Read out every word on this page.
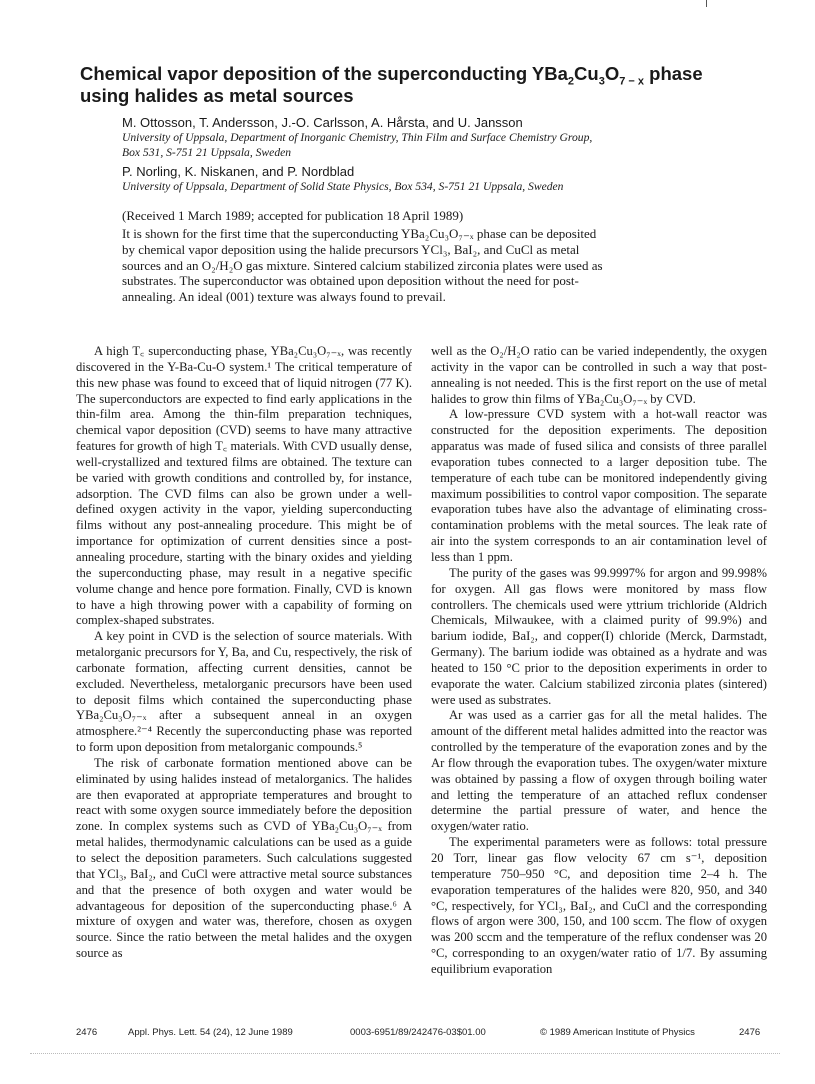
Chemical vapor deposition of the superconducting $YBa_2Cu_3O_{7 - x}$ phase
using halides as metal sources
M. Ottosson, T. Andersson, J.-O. Carlsson, A. Hårsta, and U. Jansson
University of Uppsala, Department of Inorganic Chemistry, Thin Film and Surface Chemistry Group,
Box 531, S-751 21 Uppsala, Sweden
P. Norling, K. Niskanen, and P. Nordblad
University of Uppsala, Department of Solid State Physics, Box 534, S-751 21 Uppsala, Sweden
(Received 1 March 1989; accepted for publication 18 April 1989)

It is shown for the first time that the superconducting YBa₂Cu₃O₇₋ₓ phase can be deposited

by chemical vapor deposition using the halide precursors YCl₃, BaI₂, and CuCl as metal

sources and an O₂/H₂O gas mixture. Sintered calcium stabilized zirconia plates were used as

substrates. The superconductor was obtained upon deposition without the need for post-

annealing. An ideal (001) texture was always found to prevail.

A high T꜀ superconducting phase, YBa₂Cu₃O₇₋ₓ, was recently discovered in the Y-Ba-Cu-O system.¹ The critical temperature of this new phase was found to exceed that of liquid nitrogen (77 K). The superconductors are expected to find early applications in the thin-film area. Among the thin-film preparation techniques, chemical vapor deposition (CVD) seems to have many attractive features for growth of high T꜀ materials. With CVD usually dense, well-crystallized and textured films are obtained. The texture can be varied with growth conditions and controlled by, for instance, adsorption. The CVD films can also be grown under a well-defined oxygen activity in the vapor, yielding superconducting films without any post-annealing procedure. This might be of importance for optimization of current densities since a post-annealing procedure, starting with the binary oxides and yielding the superconducting phase, may result in a negative specific volume change and hence pore formation. Finally, CVD is known to have a high throwing power with a capability of forming on complex-shaped substrates.

A key point in CVD is the selection of source materials. With metalorganic precursors for Y, Ba, and Cu, respectively, the risk of carbonate formation, affecting current densities, cannot be excluded. Nevertheless, metalorganic precursors have been used to deposit films which contained the superconducting phase YBa₂Cu₃O₇₋ₓ after a subsequent anneal in an oxygen atmosphere.²⁻⁴ Recently the superconducting phase was reported to form upon deposition from metalorganic compounds.⁵

The risk of carbonate formation mentioned above can be eliminated by using halides instead of metalorganics. The halides are then evaporated at appropriate temperatures and brought to react with some oxygen source immediately before the deposition zone. In complex systems such as CVD of YBa₂Cu₃O₇₋ₓ from metal halides, thermodynamic calculations can be used as a guide to select the deposition parameters. Such calculations suggested that YCl₃, BaI₂, and CuCl were attractive metal source substances and that the presence of both oxygen and water would be advantageous for deposition of the superconducting phase.⁶ A mixture of oxygen and water was, therefore, chosen as oxygen source. Since the ratio between the metal halides and the oxygen source as

well as the O₂/H₂O ratio can be varied independently, the oxygen activity in the vapor can be controlled in such a way that post-annealing is not needed. This is the first report on the use of metal halides to grow thin films of YBa₂Cu₃O₇₋ₓ by CVD.

A low-pressure CVD system with a hot-wall reactor was constructed for the deposition experiments. The deposition apparatus was made of fused silica and consists of three parallel evaporation tubes connected to a larger deposition tube. The temperature of each tube can be monitored independently giving maximum possibilities to control vapor composition. The separate evaporation tubes have also the advantage of eliminating cross-contamination problems with the metal sources. The leak rate of air into the system corresponds to an air contamination level of less than 1 ppm.

The purity of the gases was 99.9997% for argon and 99.998% for oxygen. All gas flows were monitored by mass flow controllers. The chemicals used were yttrium trichloride (Aldrich Chemicals, Milwaukee, with a claimed purity of 99.9%) and barium iodide, BaI₂, and copper(I) chloride (Merck, Darmstadt, Germany). The barium iodide was obtained as a hydrate and was heated to 150 °C prior to the deposition experiments in order to evaporate the water. Calcium stabilized zirconia plates (sintered) were used as substrates.

Ar was used as a carrier gas for all the metal halides. The amount of the different metal halides admitted into the reactor was controlled by the temperature of the evaporation zones and by the Ar flow through the evaporation tubes. The oxygen/water mixture was obtained by passing a flow of oxygen through boiling water and letting the temperature of an attached reflux condenser determine the partial pressure of water, and hence the oxygen/water ratio.

The experimental parameters were as follows: total pressure 20 Torr, linear gas flow velocity 67 cm s⁻¹, deposition temperature 750–950 °C, and deposition time 2–4 h. The evaporation temperatures of the halides were 820, 950, and 340 °C, respectively, for YCl₃, BaI₂, and CuCl and the corresponding flows of argon were 300, 150, and 100 sccm. The flow of oxygen was 200 sccm and the temperature of the reflux condenser was 20 °C, corresponding to an oxygen/water ratio of 1/7. By assuming equilibrium evaporation

2476	Appl. Phys. Lett. 54 (24), 12 June 1989	0003-6951/89/242476-03$01.00	© 1989 American Institute of Physics	2476
